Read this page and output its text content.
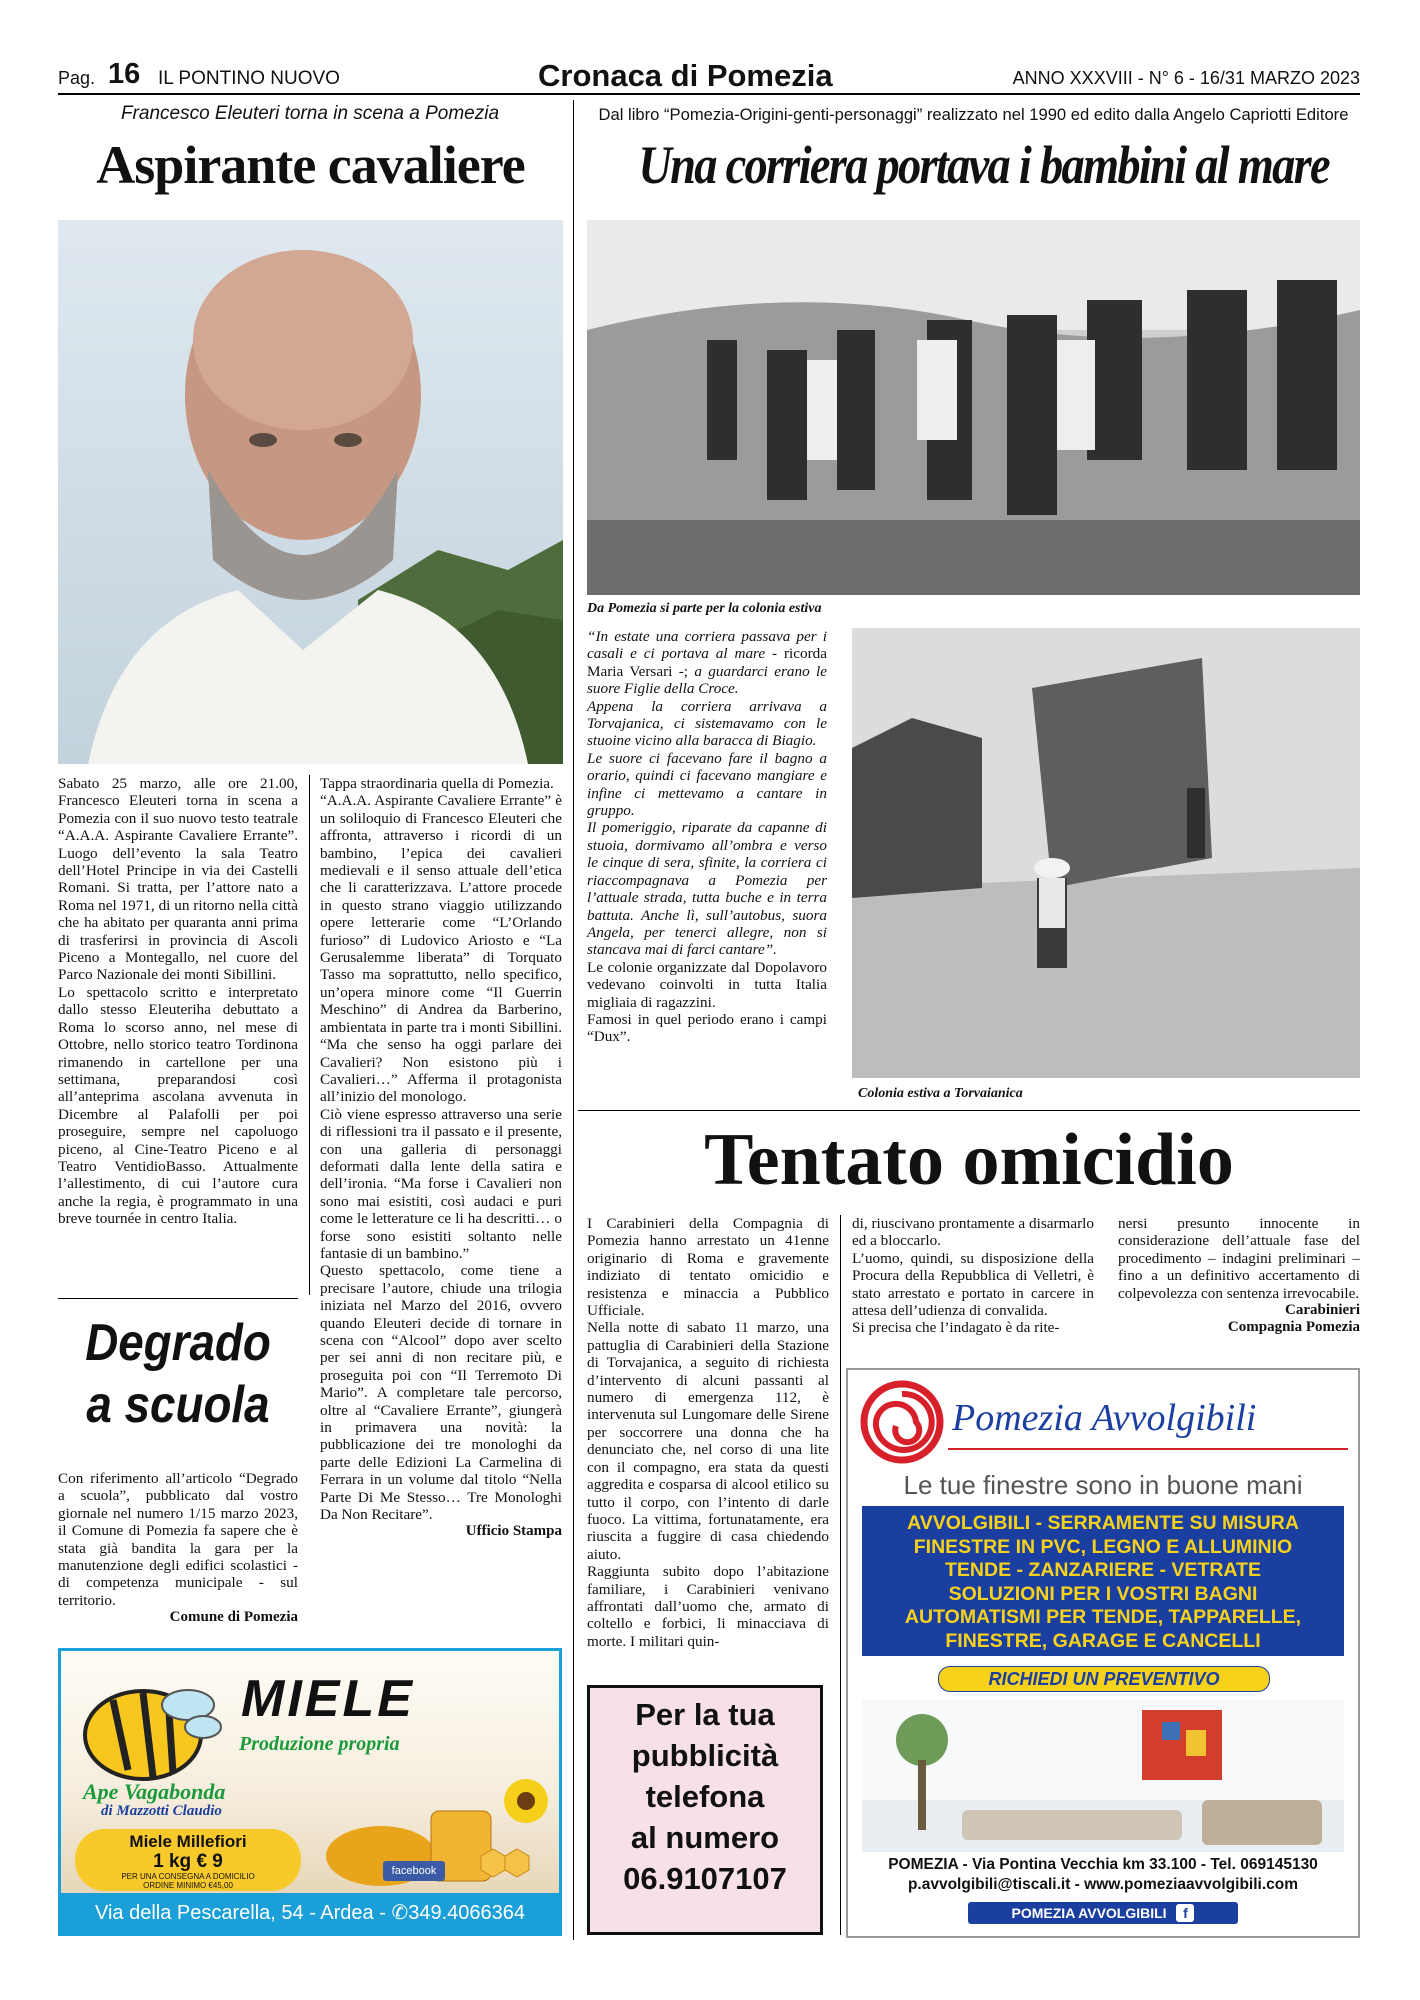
Pag. 16 IL PONTINO NUOVO	Cronaca di Pomezia	ANNO XXXVIII - N° 6 - 16/31 MARZO 2023
Francesco Eleuteri torna in scena a Pomezia
Aspirante cavaliere

Sabato 25 marzo, alle ore 21.00, Francesco Eleuteri torna in scena a Pomezia con il suo nuovo testo teatrale “A.A.A. Aspirante Cavaliere Errante”. Luogo dell’evento la sala Teatro dell’Hotel Principe in via dei Castelli Romani. Si tratta, per l’attore nato a Roma nel 1971, di un ritorno nella città che ha abitato per quaranta anni prima di trasferirsi in provincia di Ascoli Piceno a Montegallo, nel cuore del Parco Nazionale dei monti Sibillini.

Lo spettacolo scritto e interpretato dallo stesso Eleuteriha debuttato a Roma lo scorso anno, nel mese di Ottobre, nello storico teatro Tordinona rimanendo in cartellone per una settimana, preparandosi così all’anteprima ascolana avvenuta in Dicembre al Palafolli per poi proseguire, sempre nel capoluogo piceno, al Cine-Teatro Piceno e al Teatro VentidioBasso. Attualmente l’allestimento, di cui l’autore cura anche la regia, è programmato in una breve tournée in centro Italia.

Tappa straordinaria quella di Pomezia.

“A.A.A. Aspirante Cavaliere Errante” è un soliloquio di Francesco Eleuteri che affronta, attraverso i ricordi di un bambino, l’epica dei cavalieri medievali e il senso attuale dell’etica che li caratterizzava. L’attore procede in questo strano viaggio utilizzando opere letterarie come “L’Orlando furioso” di Ludovico Ariosto e “La Gerusalemme liberata” di Torquato Tasso ma soprattutto, nello specifico, un’opera minore come “Il Guerrin Meschino” di Andrea da Barberino, ambientata in parte tra i monti Sibillini. “Ma che senso ha oggi parlare dei Cavalieri? Non esistono più i Cavalieri…” Afferma il protagonista all’inizio del monologo.

Ciò viene espresso attraverso una serie di riflessioni tra il passato e il presente, con una galleria di personaggi deformati dalla lente della satira e dell’ironia. “Ma forse i Cavalieri non sono mai esistiti, così audaci e puri come le letterature ce li ha descritti… o forse sono esistiti soltanto nelle fantasie di un bambino.”

Questo spettacolo, come tiene a precisare l’autore, chiude una trilogia iniziata nel Marzo del 2016, ovvero quando Eleuteri decide di tornare in scena con “Alcool” dopo aver scelto per sei anni di non recitare più, e proseguita poi con “Il Terremoto Di Mario”. A completare tale percorso, oltre al “Cavaliere Errante”, giungerà in primavera una novità: la pubblicazione dei tre monologhi da parte delle Edizioni La Carmelina di Ferrara in un volume dal titolo “Nella Parte Di Me Stesso… Tre Monologhi Da Non Recitare”.

Ufficio Stampa
Degrado a scuola

Con riferimento all’articolo “Degrado a scuola”, pubblicato dal vostro giornale nel numero 1/15 marzo 2023, il Comune di Pomezia fa sapere che è stata già bandita la gara per la manutenzione degli edifici scolastici - di competenza municipale - sul territorio.

Comune di Pomezia
MIELE
Produzione propria
Ape Vagabonda
di Mazzotti Claudio
Miele Millefiori
1 kg € 9
PER UNA CONSEGNA A DOMICILIO
ORDINE MINIMO €45,00
facebook
Via della Pescarella, 54 - Ardea - ✆349.4066364
Dal libro “Pomezia-Origini-genti-personaggi” realizzato nel 1990 ed edito dalla Angelo Capriotti Editore
Una corriera portava i bambini al mare
Da Pomezia si parte per la colonia estiva

“In estate una corriera passava per i casali e ci portava al mare - ricorda Maria Versari -; a guardarci erano le suore Figlie della Croce.

Appena la corriera arrivava a Torvajanica, ci sistemavamo con le stuoine vicino alla baracca di Biagio.

Le suore ci facevano fare il bagno a orario, quindi ci facevano mangiare e infine ci mettevamo a cantare in gruppo.

Il pomeriggio, riparate da capanne di stuoia, dormivamo all’ombra e verso le cinque di sera, sfinite, la corriera ci riaccompagnava a Pomezia per l’attuale strada, tutta buche e in terra battuta. Anche lì, sull’autobus, suora Angela, per tenerci allegre, non si stancava mai di farci cantare”.

Le colonie organizzate dal Dopolavoro vedevano coinvolti in tutta Italia migliaia di ragazzini.

Famosi in quel periodo erano i campi “Dux”.

Colonia estiva a Torvaianica
Tentato omicidio

I Carabinieri della Compagnia di Pomezia hanno arrestato un 41enne originario di Roma e gravemente indiziato di tentato omicidio e resistenza e minaccia a Pubblico Ufficiale.

Nella notte di sabato 11 marzo, una pattuglia di Carabinieri della Stazione di Torvajanica, a seguito di richiesta d’intervento di alcuni passanti al numero di emergenza 112, è intervenuta sul Lungomare delle Sirene per soccorrere una donna che ha denunciato che, nel corso di una lite con il compagno, era stata da questi aggredita e cosparsa di alcool etilico su tutto il corpo, con l’intento di darle fuoco. La vittima, fortunatamente, era riuscita a fuggire di casa chiedendo aiuto.

Raggiunta subito dopo l’abitazione familiare, i Carabinieri venivano affrontati dall’uomo che, armato di coltello e forbici, li minacciava di morte. I militari quin-

di, riuscivano prontamente a disarmarlo ed a bloccarlo.

L’uomo, quindi, su disposizione della Procura della Repubblica di Velletri, è stato arrestato e portato in carcere in attesa dell’udienza di convalida.

Si precisa che l’indagato è da rite-

nersi presunto innocente in considerazione dell’attuale fase del procedimento – indagini preliminari – fino a un definitivo accertamento di colpevolezza con sentenza irrevocabile.

Carabinieri
Compagnia Pomezia
Per la tua
pubblicità
telefona
al numero
06.9107107
Pomezia Avvolgibili
Le tue finestre sono in buone mani
AVVOLGIBILI - SERRAMENTE SU MISURA
FINESTRE IN PVC, LEGNO E ALLUMINIO
TENDE - ZANZARIERE - VETRATE
SOLUZIONI PER I VOSTRI BAGNI
AUTOMATISMI PER TENDE, TAPPARELLE,
FINESTRE, GARAGE E CANCELLI
RICHIEDI UN PREVENTIVO
POMEZIA - Via Pontina Vecchia km 33.100 - Tel. 069145130
p.avvolgibili@tiscali.it - www.pomeziaavvolgibili.com
POMEZIA AVVOLGIBILI f
